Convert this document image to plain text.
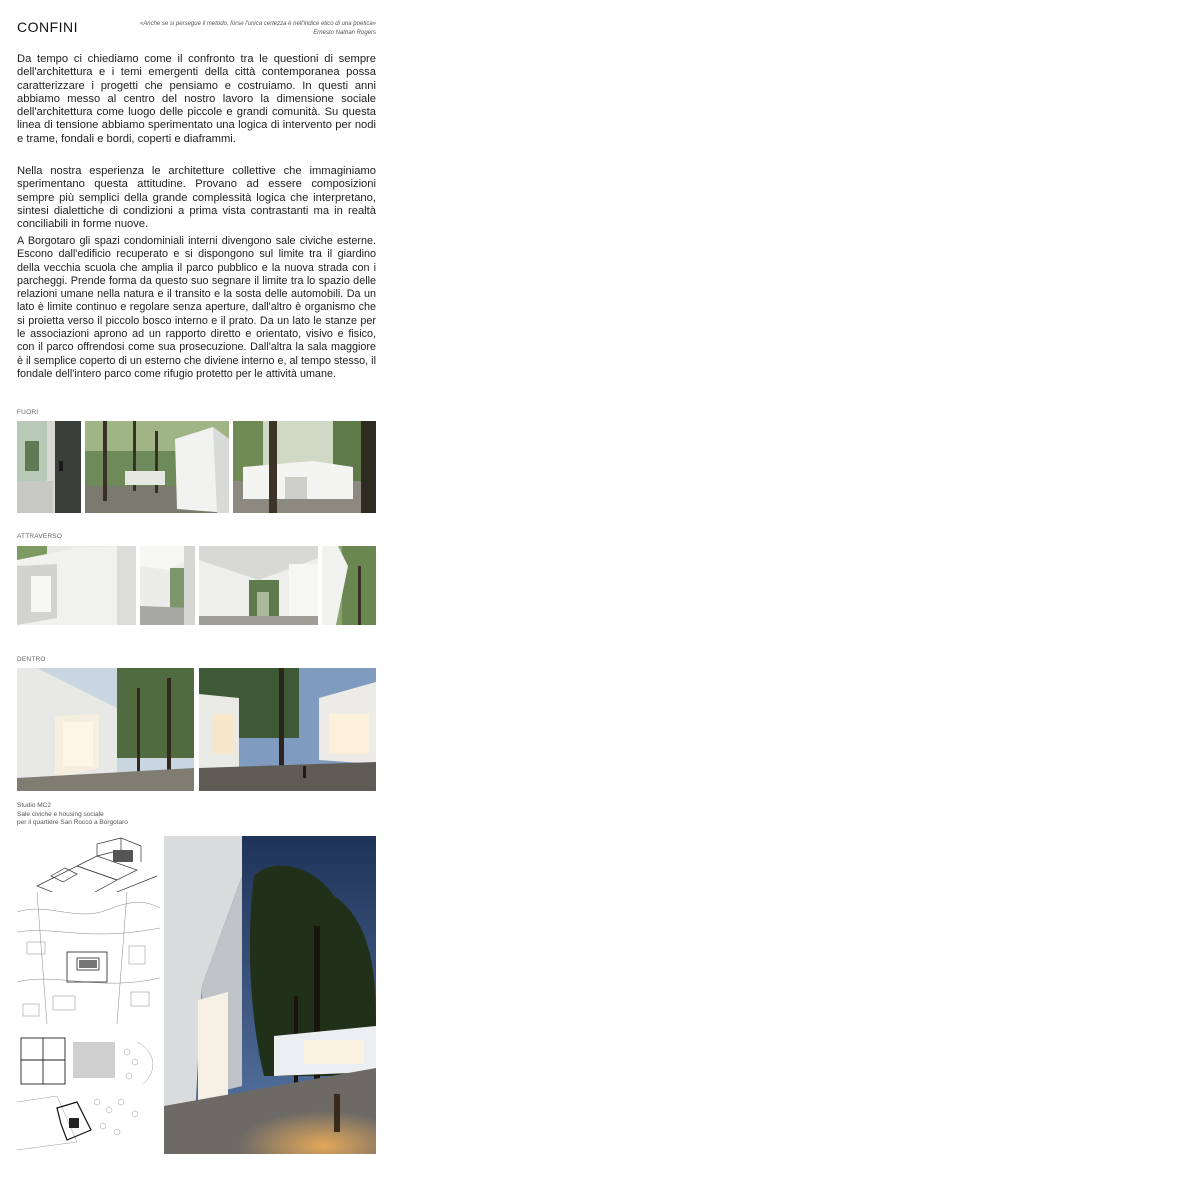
CONFINI	«Anche se si persegue il metodo, forse l'unica certezza è nell'indice etico di una poetica»
Ernesto Nathan Rogers
Da tempo ci chiediamo come il confronto tra le questioni di sempre dell'architettura e i temi emergenti della città contemporanea possa caratterizzare i progetti che pensiamo e costruiamo. In questi anni abbiamo messo al centro del nostro lavoro la dimensione sociale dell'architettura come luogo delle piccole e grandi comunità. Su questa linea di tensione abbiamo sperimentato una logica di intervento per nodi e trame, fondali e bordi, coperti e diaframmi.
Nella nostra esperienza le architetture collettive che immaginiamo sperimentano questa attitudine. Provano ad essere composizioni sempre più semplici della grande complessità logica che interpretano, sintesi dialettiche di condizioni a prima vista contrastanti ma in realtà conciliabili in forme nuove.
A Borgotaro gli spazi condominiali interni divengono sale civiche esterne. Escono dall'edificio recuperato e si dispongono sul limite tra il giardino della vecchia scuola che amplia il parco pubblico e la nuova strada con i parcheggi. Prende forma da questo suo segnare il limite tra lo spazio delle relazioni umane nella natura e il transito e la sosta delle automobili. Da un lato è limite continuo e regolare senza aperture, dall'altro è organismo che si proietta verso il piccolo bosco interno e il prato. Da un lato le stanze per le associazioni aprono ad un rapporto diretto e orientato, visivo e fisico, con il parco offrendosi come sua prosecuzione. Dall'altra la sala maggiore è il semplice coperto di un esterno che diviene interno e, al tempo stesso, il fondale dell'intero parco come rifugio protetto per le attività umane.
FUORI
ATTRAVERSO
DENTRO
Studio MC2
Sale civiche e housing sociale
per il quartiere San Rocco a Borgotaro
